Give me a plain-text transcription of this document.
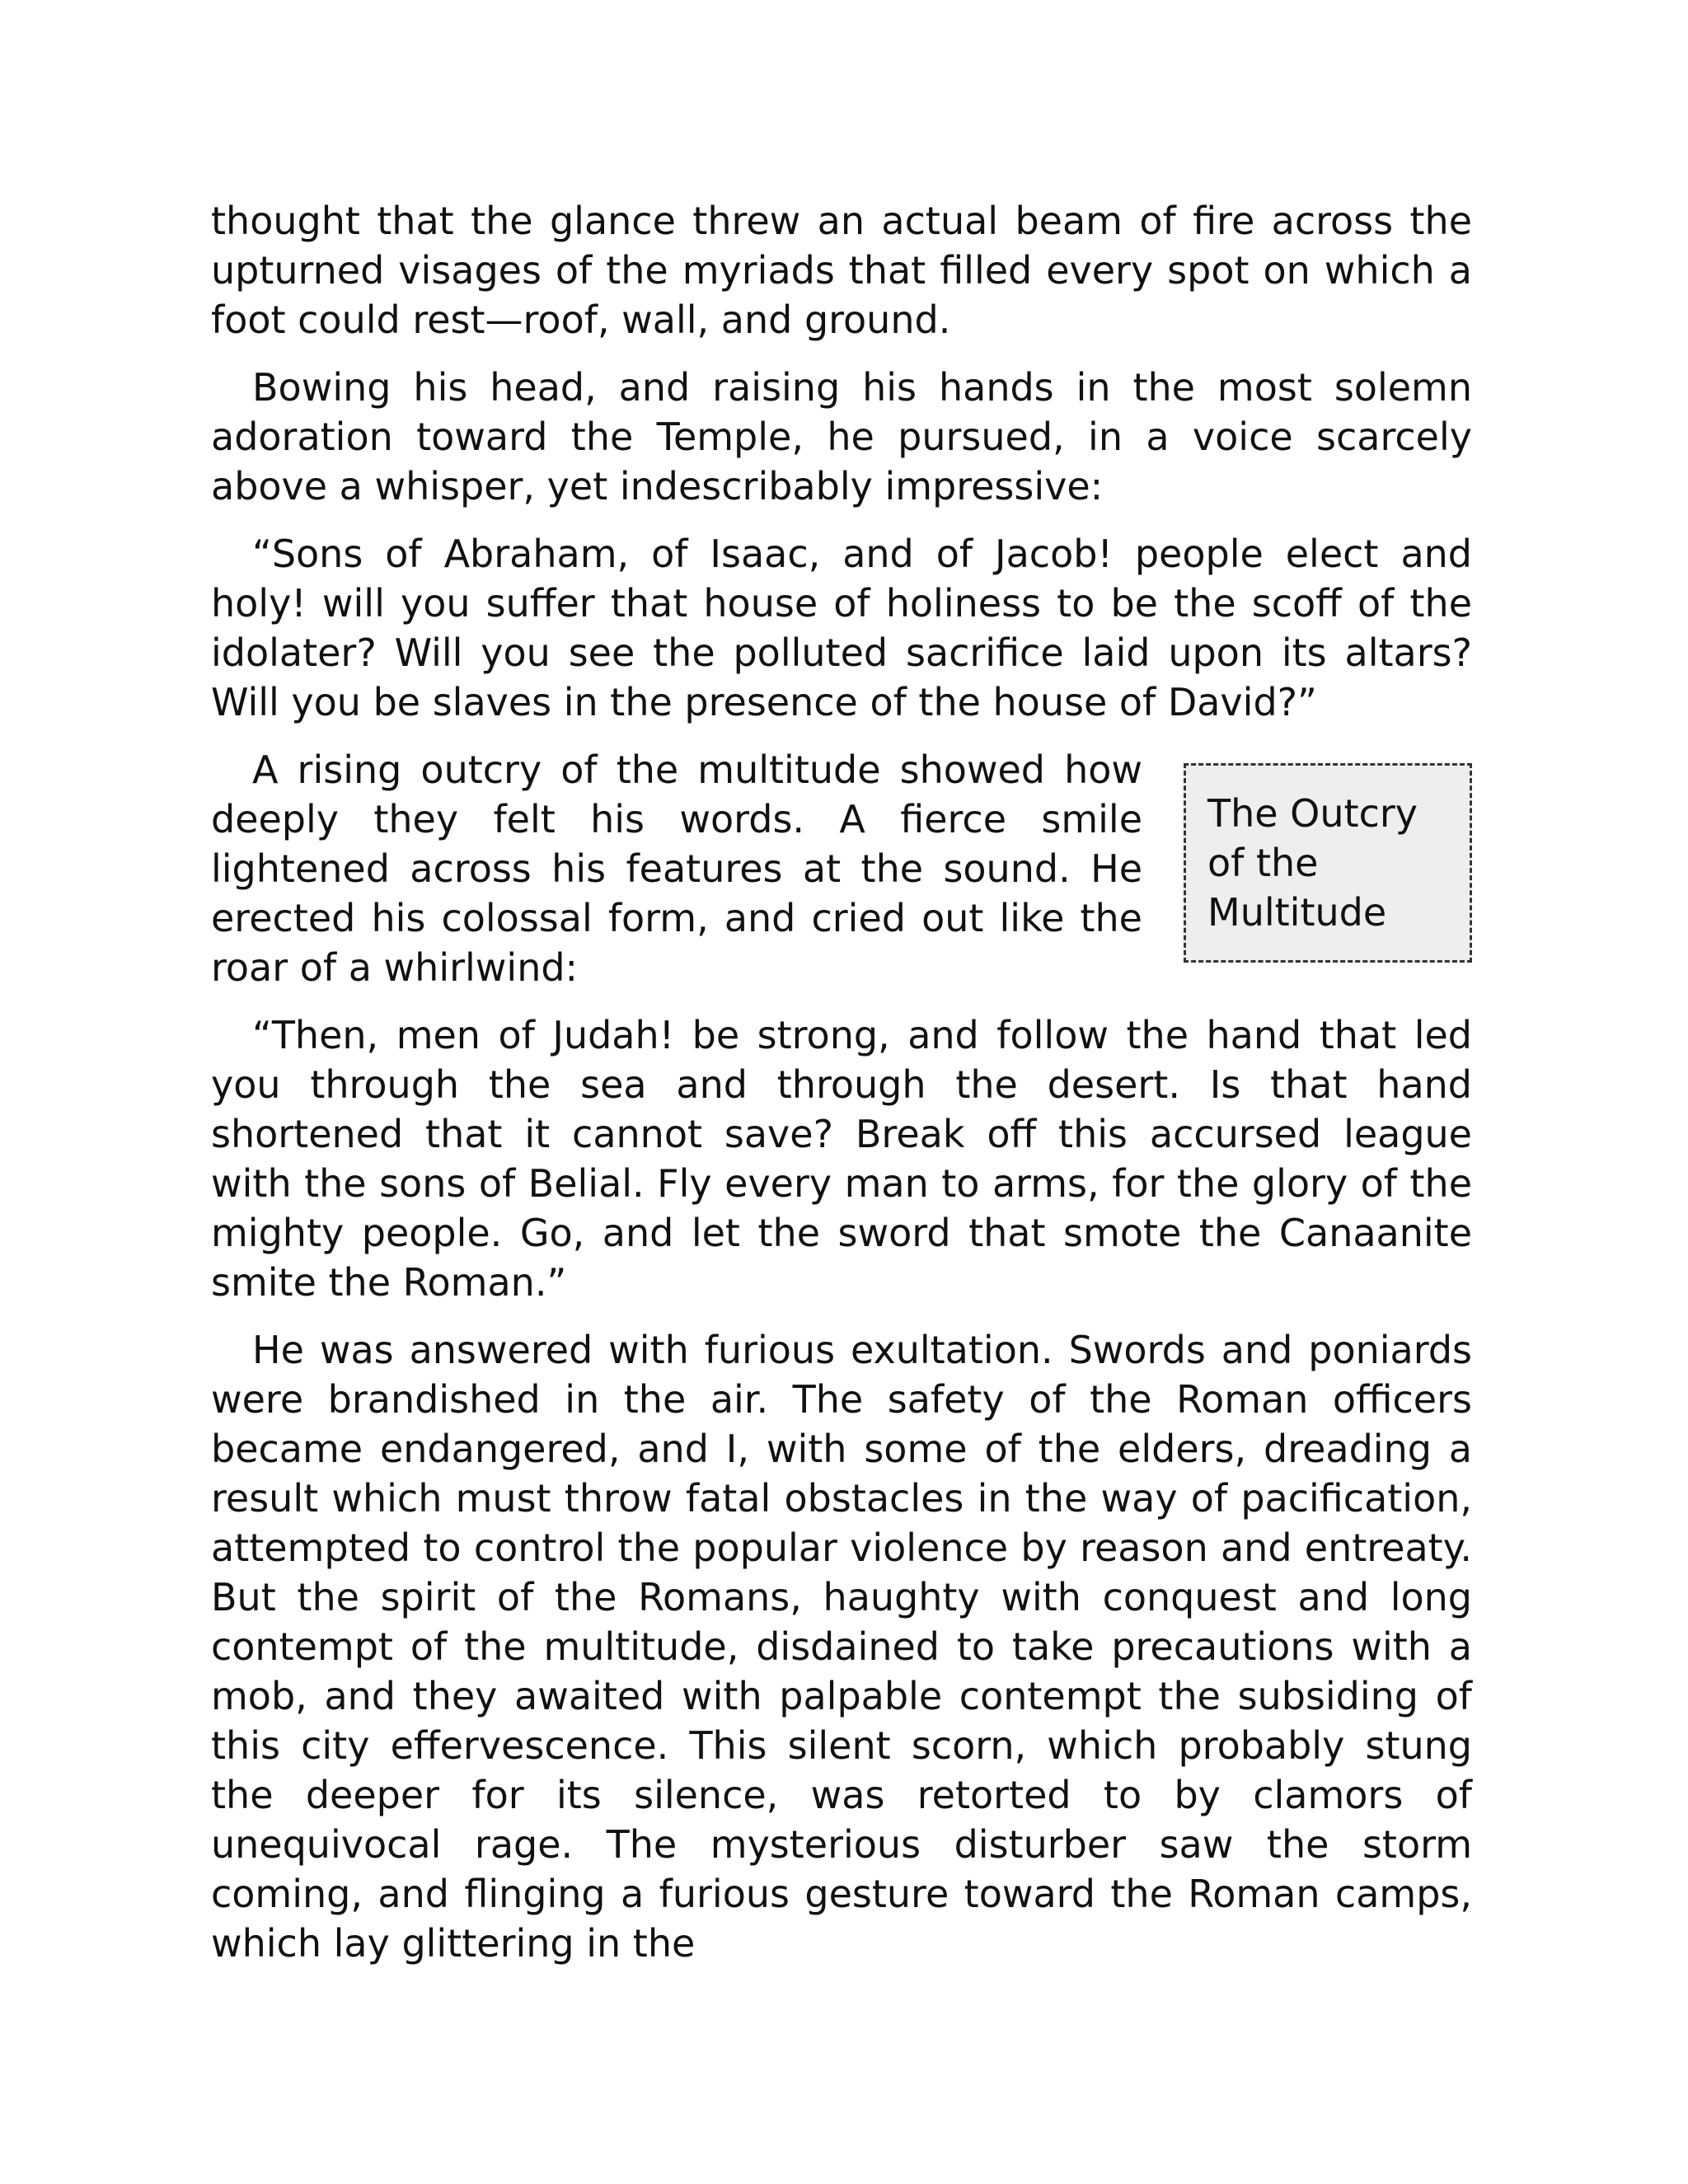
thought that the glance threw an actual beam of fire across the upturned visages of the myriads that filled every spot on which a foot could rest—roof, wall, and ground.

Bowing his head, and raising his hands in the most solemn adoration toward the Temple, he pursued, in a voice scarcely above a whisper, yet indescribably impressive:

“Sons of Abraham, of Isaac, and of Jacob! people elect and holy! will you suffer that house of holiness to be the scoff of the idolater? Will you see the polluted sacrifice laid upon its altars? Will you be slaves in the presence of the house of David?”

The Outcry of the Multitude

A rising outcry of the multitude showed how deeply they felt his words. A fierce smile lightened across his features at the sound. He erected his colossal form, and cried out like the roar of a whirlwind:

“Then, men of Judah! be strong, and follow the hand that led you through the sea and through the desert. Is that hand shortened that it cannot save? Break off this accursed league with the sons of Belial. Fly every man to arms, for the glory of the mighty people. Go, and let the sword that smote the Canaanite smite the Roman.”

He was answered with furious exultation. Swords and poniards were brandished in the air. The safety of the Roman officers became endangered, and I, with some of the elders, dreading a result which must throw fatal obstacles in the way of pacification, attempted to control the popular violence by reason and entreaty. But the spirit of the Romans, haughty with conquest and long contempt of the multitude, disdained to take precautions with a mob, and they awaited with palpable contempt the subsiding of this city effervescence. This silent scorn, which probably stung the deeper for its silence, was retorted to by clamors of unequivocal rage. The mysterious disturber saw the storm coming, and flinging a furious gesture toward the Roman camps, which lay glittering in the
